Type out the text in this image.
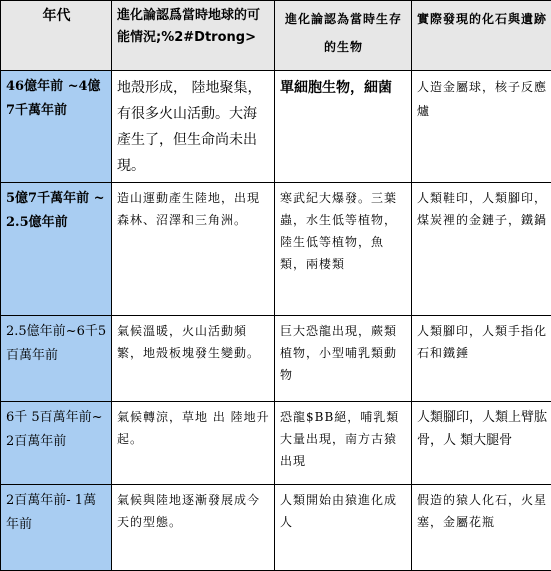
年代	進化論認爲當時地球的可能情況;%2#Dtrong>	進化論認為當時生存的生物	實際發現的化石與遺跡
46億年前 ~4億7千萬年前	地殼形成， 陸地聚集，有很多火山活動。大海產生了，但生命尚未出現。	單細胞生物，細菌	人造金屬球，核子反應爐
5億7千萬年前 ~2.5億年前	造山運動產生陸地，出現森林、沼澤和三角洲。	寒武紀大爆發。三葉蟲，水生低等植物，陸生低等植物，魚類，兩棲類	人類鞋印，人類腳印，煤炭裡的金鏈子，鐵鍋
2.5億年前~6千5百萬年前	氣候溫暖，火山活動頻繁，地殼板塊發生變動。	巨大恐龍出現，蕨類植物，小型哺乳類動物	人類腳印，人類手指化石和鐵錘
6千 5百萬年前~2百萬年前	氣候轉涼，草地 出 陸地升起。	恐龍$BB絕，哺乳類大量出現，南方古猿出現	人類腳印，人類上臂肱骨，人 類大腿骨
2百萬年前- 1萬年前	氣候與陸地逐漸發展成今天的型態。	人類開始由猿進化成人	假造的猿人化石，火星塞，金屬花瓶
